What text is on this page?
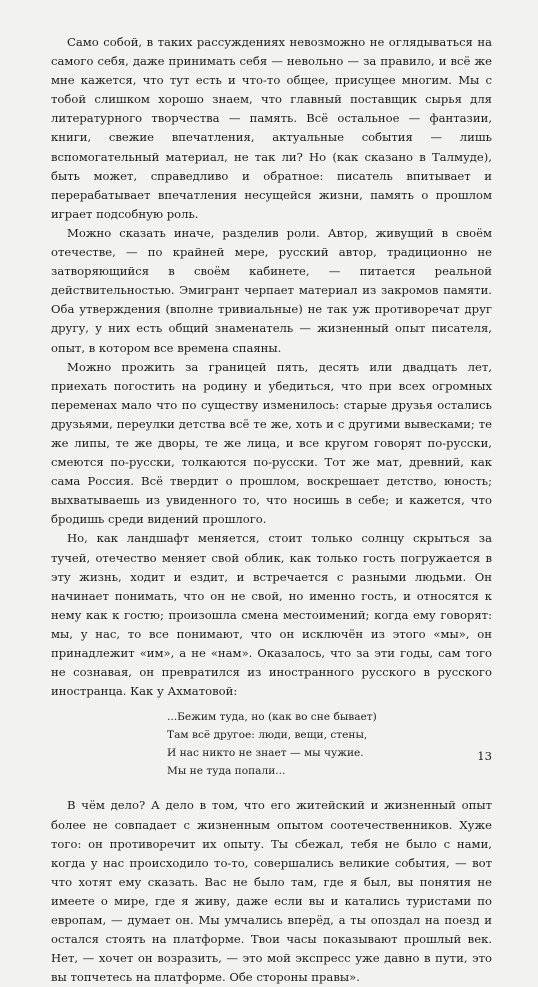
Само собой, в таких рассуждениях невозможно не оглядываться на самого себя, даже принимать себя — невольно — за правило, и всё же мне кажется, что тут есть и что-то общее, присущее многим. Мы с тобой слишком хорошо знаем, что главный поставщик сырья для литературного творчества — память. Всё остальное — фантазии, книги, свежие впечатления, актуальные события — лишь вспомогательный материал, не так ли? Но (как сказано в Талмуде), быть может, справедливо и обратное: писатель впитывает и перерабатывает впечатления несущейся жизни, память о прошлом играет подсобную роль.

Можно сказать иначе, разделив роли. Автор, живущий в своём отечестве, — по крайней мере, русский автор, традиционно не затворяющийся в своём кабинете, — питается реальной действительностью. Эмигрант черпает материал из закромов памяти. Оба утверждения (вполне тривиальные) не так уж противоречат друг другу, у них есть общий знаменатель — жизненный опыт писателя, опыт, в котором все времена спаяны.

Можно прожить за границей пять, десять или двадцать лет, приехать погостить на родину и убедиться, что при всех огромных переменах мало что по существу изменилось: старые друзья остались друзьями, переулки детства всё те же, хоть и с другими вывесками; те же липы, те же дворы, те же лица, и все кругом говорят по-русски, смеются по-русски, толкаются по-русски. Тот же мат, древний, как сама Россия. Всё твердит о прошлом, воскрешает детство, юность; выхватываешь из увиденного то, что носишь в себе; и кажется, что бродишь среди видений прошлого.

Но, как ландшафт меняется, стоит только солнцу скрыться за тучей, отечество меняет свой облик, как только гость погружается в эту жизнь, ходит и ездит, и встречается с разными людьми. Он начинает понимать, что он не свой, но именно гость, и относятся к нему как к гостю; произошла смена местоимений; когда ему говорят: мы, у нас, то все понимают, что он исключён из этого «мы», он принадлежит «им», а не «нам». Оказалось, что за эти годы, сам того не сознавая, он превратился из иностранного русского в русского иностранца. Как у Ахматовой:

...Бежим туда, но (как во сне бывает)
Там всё другое: люди, вещи, стены,
И нас никто не знает — мы чужие.
Мы не туда попали...

В чём дело? А дело в том, что его житейский и жизненный опыт более не совпадает с жизненным опытом соотечественников. Хуже того: он противоречит их опыту. Ты сбежал, тебя не было с нами, когда у нас происходило то-то, совершались великие события, — вот что хотят ему сказать. Вас не было там, где я был, вы понятия не имеете о мире, где я живу, даже если вы и катались туристами по европам, — думает он. Мы умчались вперёд, а ты опоздал на поезд и остался стоять на платформе. Твои часы показывают прошлый век. Нет, — хочет он возразить, — это мой экспресс уже давно в пути, это вы топчетесь на платформе. Обе стороны правы».

13
